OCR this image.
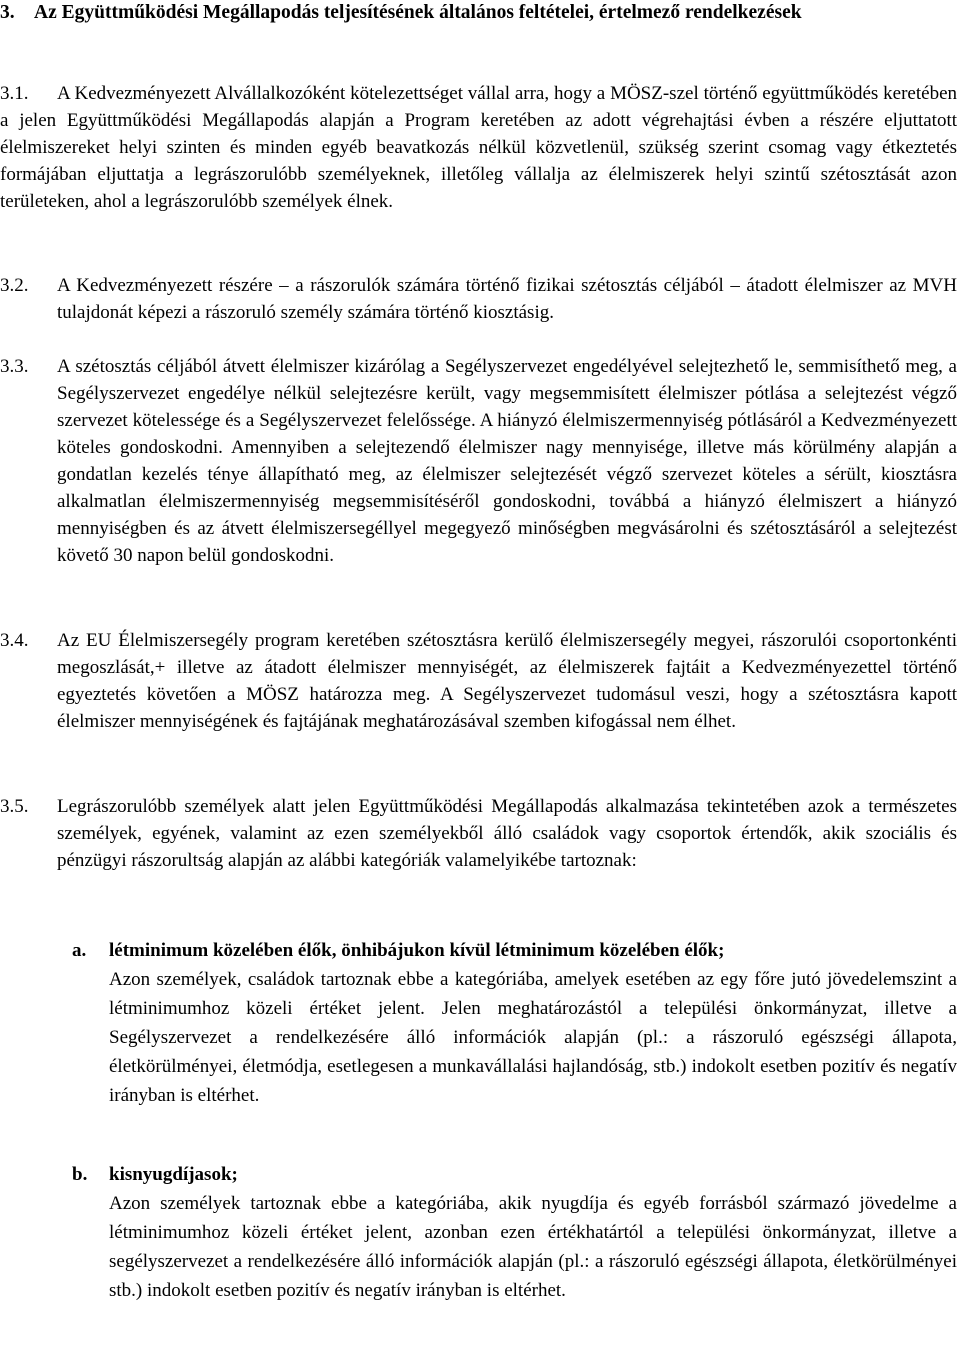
3. Az Együttműködési Megállapodás teljesítésének általános feltételei, értelmező rendelkezések
3.1. A Kedvezményezett Alvállalkozóként kötelezettséget vállal arra, hogy a MÖSZ-szel történő együttműködés keretében a jelen Együttműködési Megállapodás alapján a Program keretében az adott végrehajtási évben a részére eljuttatott élelmiszereket helyi szinten és minden egyéb beavatkozás nélkül közvetlenül, szükség szerint csomag vagy étkeztetés formájában eljuttatja a legrászorulóbb személyeknek, illetőleg vállalja az élelmiszerek helyi szintű szétosztását azon területeken, ahol a legrászorulóbb személyek élnek.
3.2. A Kedvezményezett részére – a rászorulók számára történő fizikai szétosztás céljából – átadott élelmiszer az MVH tulajdonát képezi a rászoruló személy számára történő kiosztásig.
3.3. A szétosztás céljából átvett élelmiszer kizárólag a Segélyszervezet engedélyével selejtezhető le, semmisíthető meg, a Segélyszervezet engedélye nélkül selejtezésre került, vagy megsemmisített élelmiszer pótlása a selejtezést végző szervezet kötelessége és a Segélyszervezet felelőssége. A hiányzó élelmiszermennyiség pótlásáról a Kedvezményezett köteles gondoskodni. Amennyiben a selejtezendő élelmiszer nagy mennyisége, illetve más körülmény alapján a gondatlan kezelés ténye állapítható meg, az élelmiszer selejtezését végző szervezet köteles a sérült, kiosztásra alkalmatlan élelmiszermennyiség megsemmisítéséről gondoskodni, továbbá a hiányzó élelmiszert a hiányzó mennyiségben és az átvett élelmiszersegéllyel megegyező minőségben megvásárolni és szétosztásáról a selejtezést követő 30 napon belül gondoskodni.
3.4. Az EU Élelmiszersegély program keretében szétosztásra kerülő élelmiszersegély megyei, rászorulói csoportonkénti megoszlását,+ illetve az átadott élelmiszer mennyiségét, az élelmiszerek fajtáit a Kedvezményezettel történő egyeztetés követően a MÖSZ határozza meg. A Segélyszervezet tudomásul veszi, hogy a szétosztásra kapott élelmiszer mennyiségének és fajtájának meghatározásával szemben kifogással nem élhet.
3.5. Legrászorulóbb személyek alatt jelen Együttműködési Megállapodás alkalmazása tekintetében azok a természetes személyek, egyének, valamint az ezen személyekből álló családok vagy csoportok értendők, akik szociális és pénzügyi rászorultság alapján az alábbi kategóriák valamelyikébe tartoznak:
a. létminimum közelében élők, önhibájukon kívül létminimum közelében élők;
Azon személyek, családok tartoznak ebbe a kategóriába, amelyek esetében az egy főre jutó jövedelemszint a létminimumhoz közeli értéket jelent. Jelen meghatározástól a települési önkormányzat, illetve a Segélyszervezet a rendelkezésére álló információk alapján (pl.: a rászoruló egészségi állapota, életkörülményei, életmódja, esetlegesen a munkavállalási hajlandóság, stb.) indokolt esetben pozitív és negatív irányban is eltérhet.
b. kisnyugdíjasok;
Azon személyek tartoznak ebbe a kategóriába, akik nyugdíja és egyéb forrásból származó jövedelme a létminimumhoz közeli értéket jelent, azonban ezen értékhatártól a települési önkormányzat, illetve a segélyszervezet a rendelkezésére álló információk alapján (pl.: a rászoruló egészségi állapota, életkörülményei stb.) indokolt esetben pozitív és negatív irányban is eltérhet.
